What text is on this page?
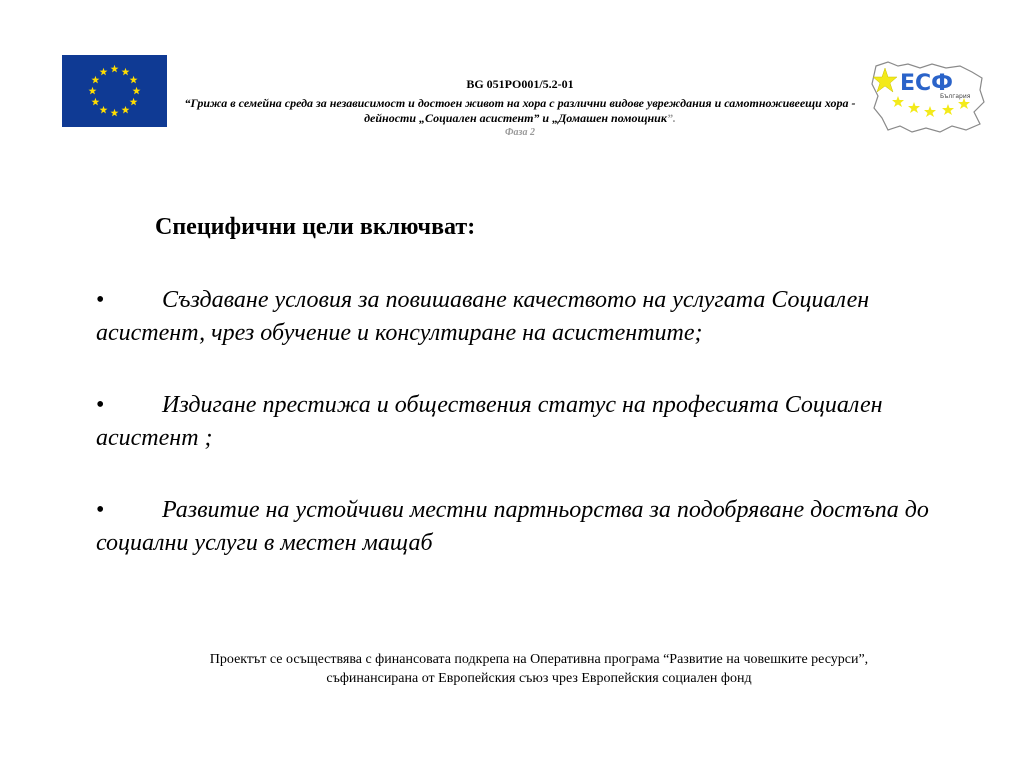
ЕСФ
България
BG 051PO001/5.2-01
“Грижа в семейна среда за независимост и достоен живот на хора с различни видове увреждания и самотноживеещи хора - дейности „Социален асистент” и „Домашен помощник”.
Фаза 2
Специфични цели включват:
• Създаване условия за повишаване качеството на услугата Социален асистент, чрез обучение и консултиране на асистентите;
• Издигане престижа и обществения статус на професията Социален асистент ;
• Развитие на устойчиви местни партньорства за подобряване достъпа до социални услуги в местен мащаб
Проектът се осъществява с финансовата подкрепа на Оперативна програма “Развитие на човешките ресурси”,
съфинансирана от Европейския съюз чрез Европейския социален фонд
